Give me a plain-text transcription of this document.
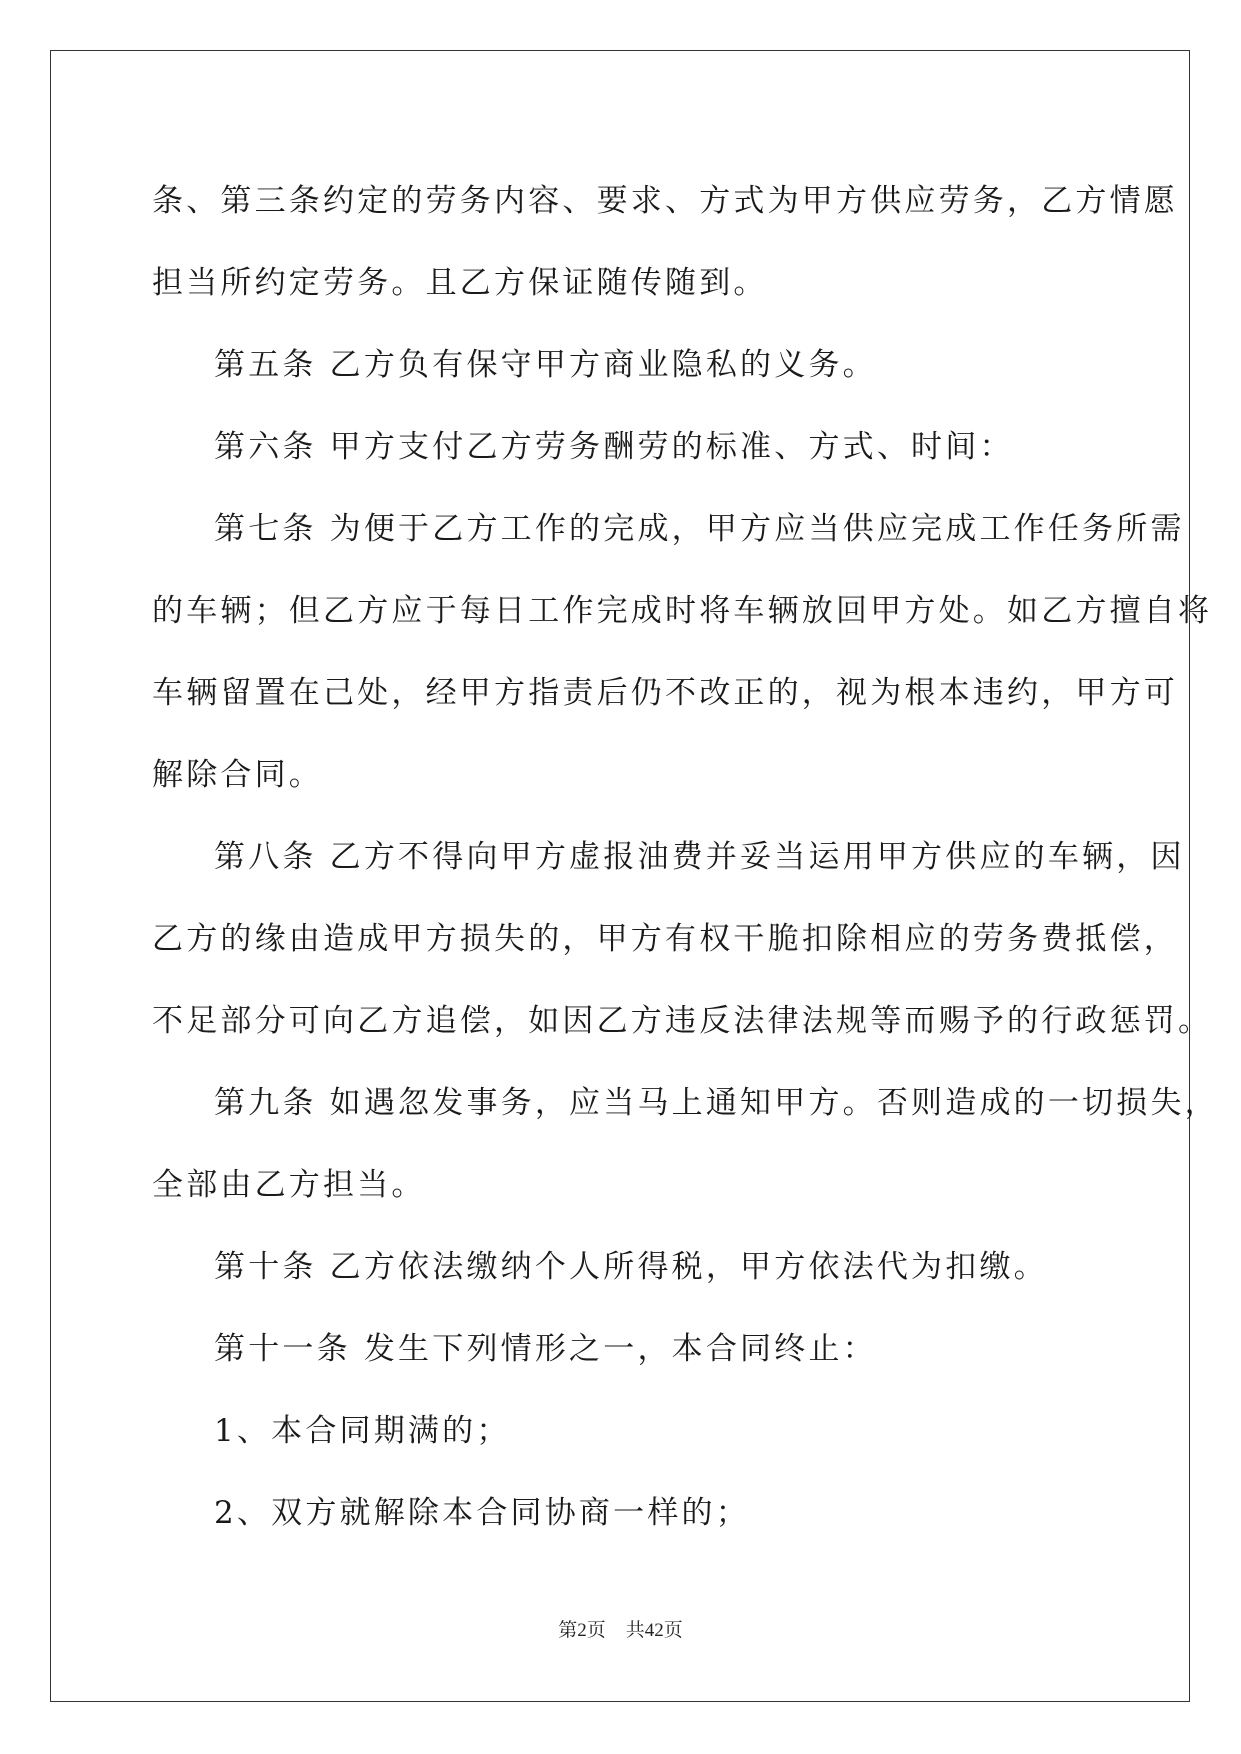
条、第三条约定的劳务内容、要求、方式为甲方供应劳务，乙方情愿

担当所约定劳务。且乙方保证随传随到。

第五条 乙方负有保守甲方商业隐私的义务。

第六条 甲方支付乙方劳务酬劳的标准、方式、时间：

第七条 为便于乙方工作的完成，甲方应当供应完成工作任务所需

的车辆；但乙方应于每日工作完成时将车辆放回甲方处。如乙方擅自将

车辆留置在己处，经甲方指责后仍不改正的，视为根本违约，甲方可

解除合同。

第八条 乙方不得向甲方虚报油费并妥当运用甲方供应的车辆，因

乙方的缘由造成甲方损失的，甲方有权干脆扣除相应的劳务费抵偿，

不足部分可向乙方追偿，如因乙方违反法律法规等而赐予的行政惩罚。

第九条 如遇忽发事务，应当马上通知甲方。否则造成的一切损失，

全部由乙方担当。

第十条 乙方依法缴纳个人所得税，甲方依法代为扣缴。

第十一条 发生下列情形之一，本合同终止：

1、本合同期满的；

2、双方就解除本合同协商一样的；

第2页 共42页
